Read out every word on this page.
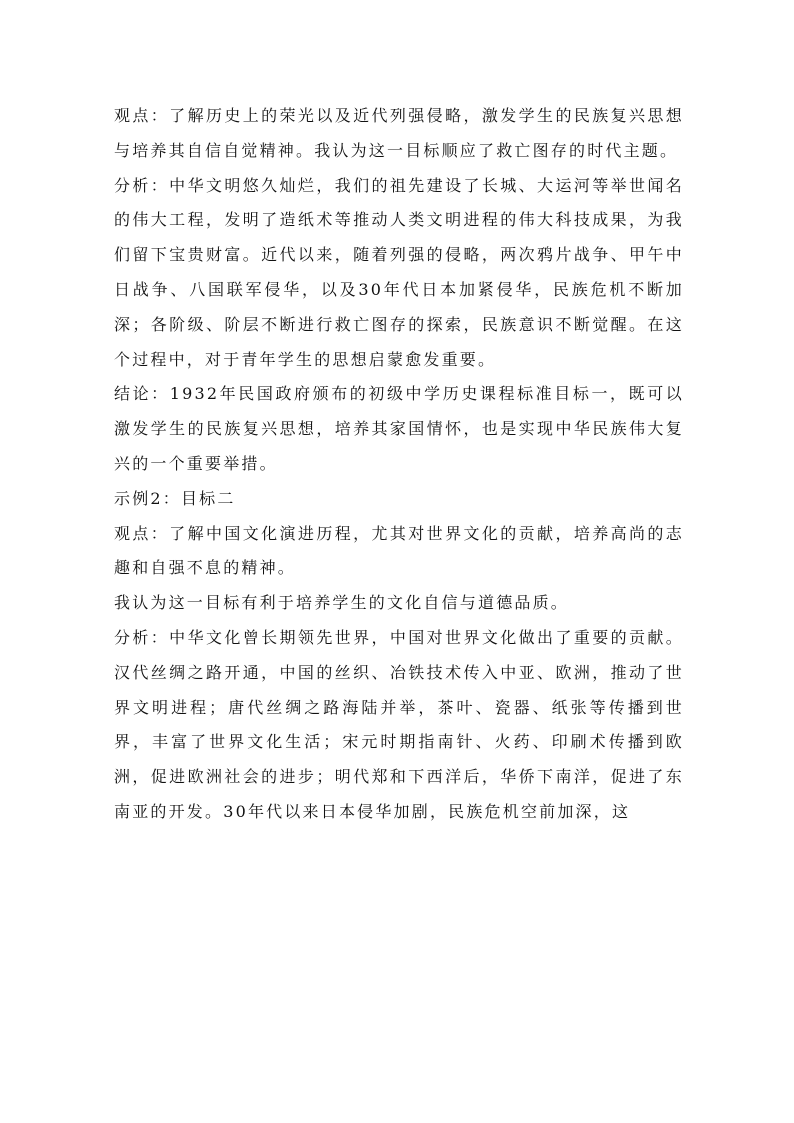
观点：了解历史上的荣光以及近代列强侵略，激发学生的民族复兴思想与培养其自信自觉精神。我认为这一目标顺应了救亡图存的时代主题。

分析：中华文明悠久灿烂，我们的祖先建设了长城、大运河等举世闻名的伟大工程，发明了造纸术等推动人类文明进程的伟大科技成果，为我们留下宝贵财富。近代以来，随着列强的侵略，两次鸦片战争、甲午中日战争、八国联军侵华，以及30年代日本加紧侵华，民族危机不断加深；各阶级、阶层不断进行救亡图存的探索，民族意识不断觉醒。在这个过程中，对于青年学生的思想启蒙愈发重要。

结论：1932年民国政府颁布的初级中学历史课程标准目标一，既可以激发学生的民族复兴思想，培养其家国情怀，也是实现中华民族伟大复兴的一个重要举措。

示例2：目标二

观点：了解中国文化演进历程，尤其对世界文化的贡献，培养高尚的志趣和自强不息的精神。

我认为这一目标有利于培养学生的文化自信与道德品质。

分析：中华文化曾长期领先世界，中国对世界文化做出了重要的贡献。汉代丝绸之路开通，中国的丝织、冶铁技术传入中亚、欧洲，推动了世界文明进程；唐代丝绸之路海陆并举，茶叶、瓷器、纸张等传播到世界，丰富了世界文化生活；宋元时期指南针、火药、印刷术传播到欧洲，促进欧洲社会的进步；明代郑和下西洋后，华侨下南洋，促进了东南亚的开发。30年代以来日本侵华加剧，民族危机空前加深，这
